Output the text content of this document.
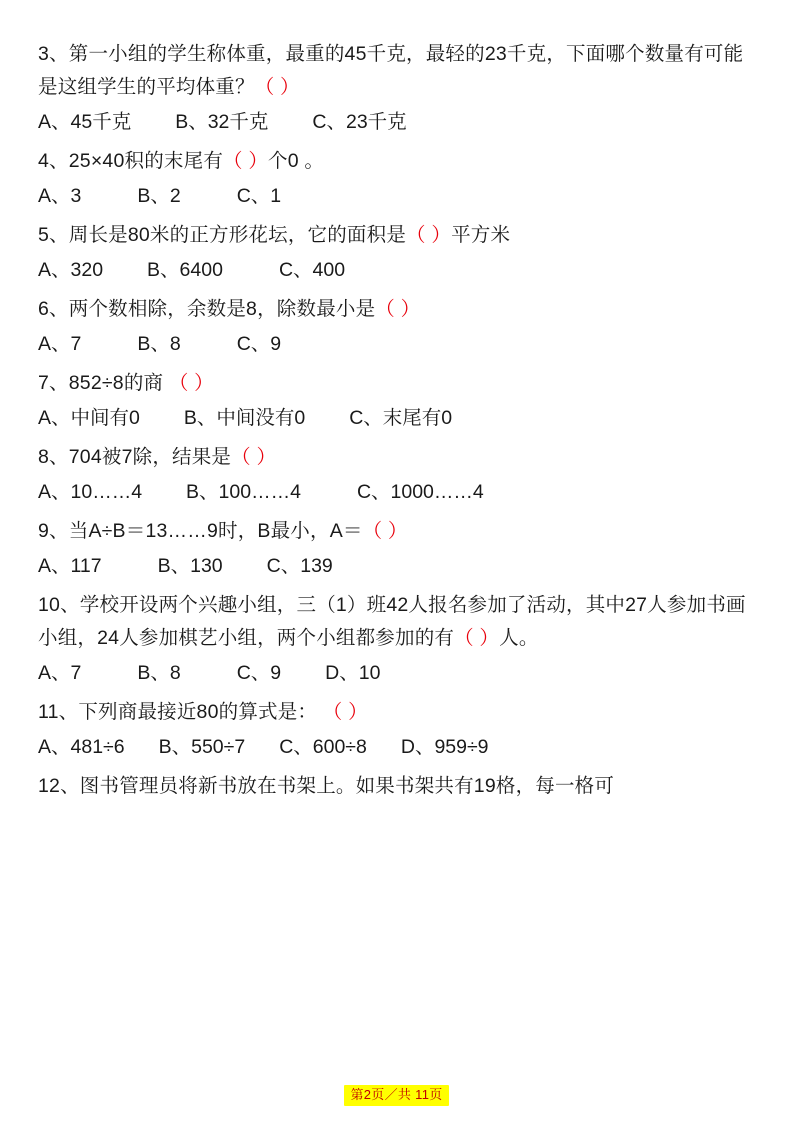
3、第一小组的学生称体重，最重的45千克，最轻的23千克，下面哪个数量有可能是这组学生的平均体重？（ ）
A、45千克 B、32千克 C、23千克
4、25×40积的末尾有（ ）个0 。
A、3	B、2	C、1
5、周长是80米的正方形花坛，它的面积是（ ）平方米
A、320 B、6400	C、400
6、两个数相除，余数是8，除数最小是（ ）
A、7	B、8	C、9
7、852÷8的商 （ ）
A、中间有0 B、中间没有0 C、末尾有0
8、704被7除，结果是（ ）
A、10……4 B、100……4	C、1000……4
9、当A÷B＝13……9时，B最小，A＝（ ）
A、117	B、130 C、139
10、学校开设两个兴趣小组，三（1）班42人报名参加了活动，其中27人参加书画小组，24人参加棋艺小组，两个小组都参加的有（ ）人。
A、7	B、8	C、9 D、10
11、下列商最接近80的算式是： （ ）
A、481÷6 B、550÷7 C、600÷8 D、959÷9
12、图书管理员将新书放在书架上。如果书架共有19格，每一格可
第2页／共 11页
